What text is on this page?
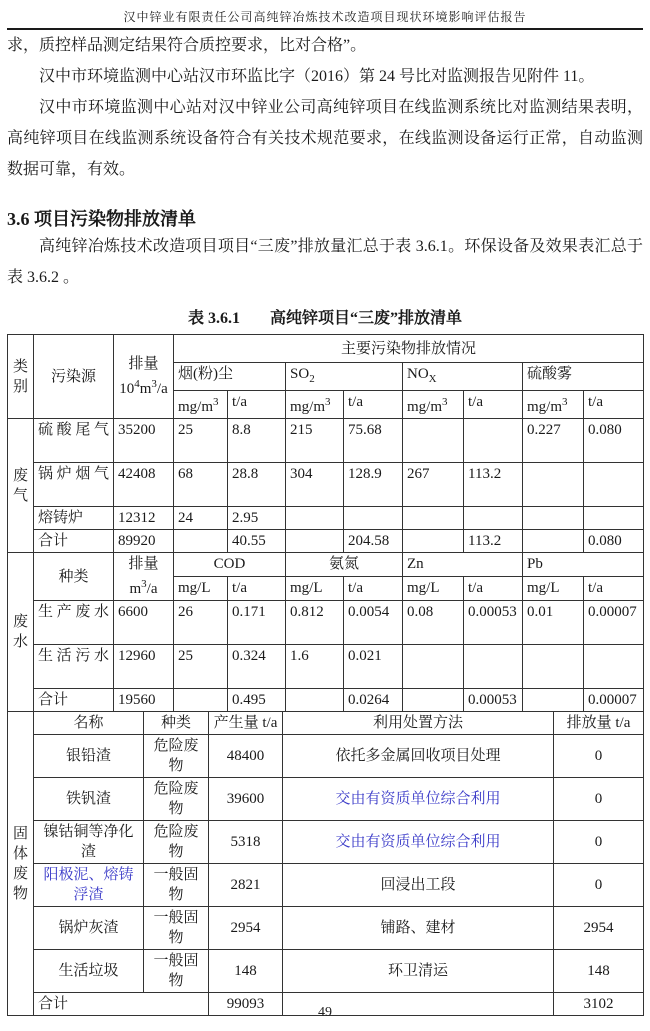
汉中锌业有限责任公司高纯锌冶炼技术改造项目现状环境影响评估报告

求，质控样品测定结果符合质控要求，比对合格”。

汉中市环境监测中心站汉市环监比字（2016）第 24 号比对监测报告见附件 11。

汉中市环境监测中心站对汉中锌业公司高纯锌项目在线监测系统比对监测结果表明，高纯锌项目在线监测系统设备符合有关技术规范要求，在线监测设备运行正常，自动监测数据可靠，有效。

3.6 项目污染物排放清单

高纯锌冶炼技术改造项目项目“三废”排放量汇总于表 3.6.1。环保设备及效果表汇总于表 3.6.2 。

表 3.6.1 高纯锌项目“三废”排放清单
类别	污染源	排量
$10^4m^3/a$	主要污染物排放情况							
			烟(粉)尘		$SO_2$		$NO_X$		硫酸雾	
			$mg/m^3$	t/a	$mg/m^3$	t/a	$mg/m^3$	t/a	$mg/m^3$	t/a
废气	硫酸尾气	35200	25	8.8	215	75.68			0.227	0.080
	锅炉烟气	42408	68	28.8	304	128.9	267	113.2		
	熔铸炉	12312	24	2.95						
	合计	89920		40.55		204.58		113.2		0.080
废水	种类	排量
$m^3/a$	COD		氨氮		Zn		Pb	
			mg/L	t/a	mg/L	t/a	mg/L	t/a	mg/L	t/a
	生产废水	6600	26	0.171	0.812	0.0054	0.08	0.00053	0.01	0.00007
	生活污水	12960	25	0.324	1.6	0.021				
	合计	19560		0.495		0.0264		0.00053		0.00007
固体废物	名称	种类	产生量 t/a	利用处置方法	排放量 t/a
	银铅渣	危险废物	48400	依托多金属回收项目处理	0
	铁钒渣	危险废物	39600	交由有资质单位综合利用	0
	镍钴铜等净化渣	危险废物	5318	交由有资质单位综合利用	0
	阳极泥、熔铸浮渣	一般固物	2821	回浸出工段	0
	锅炉灰渣	一般固物	2954	铺路、建材	2954
	生活垃圾	一般固物	148	环卫清运	148
	合计		99093		3102
49
